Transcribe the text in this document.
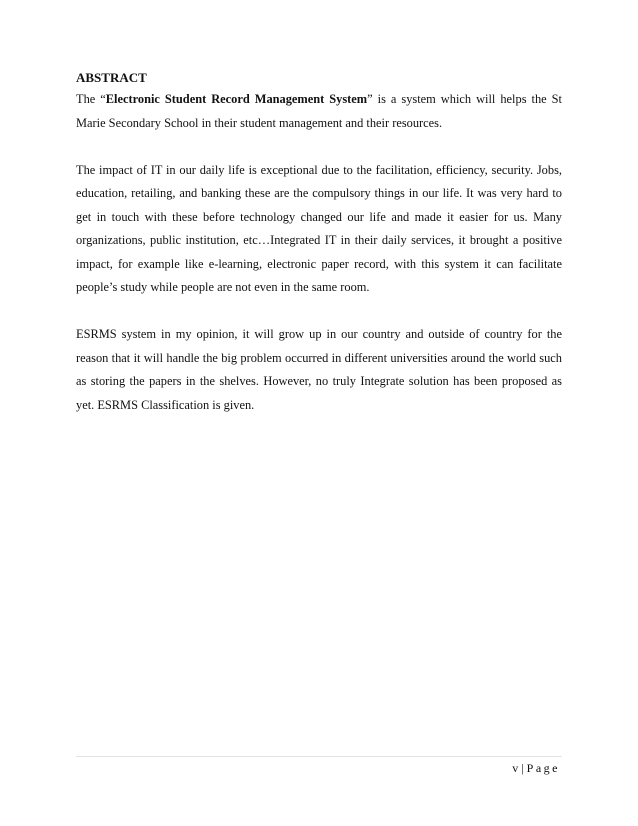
ABSTRACT

The “Electronic Student Record Management System” is a system which will helps the St Marie Secondary School in their student management and their resources.

The impact of IT in our daily life is exceptional due to the facilitation, efficiency, security. Jobs, education, retailing, and banking these are the compulsory things in our life. It was very hard to get in touch with these before technology changed our life and made it easier for us. Many organizations, public institution, etc…Integrated IT in their daily services, it brought a positive impact, for example like e-learning, electronic paper record, with this system it can facilitate people’s study while people are not even in the same room.

ESRMS system in my opinion, it will grow up in our country and outside of country for the reason that it will handle the big problem occurred in different universities around the world such as storing the papers in the shelves. However, no truly Integrate solution has been proposed as yet. ESRMS Classification is given.

v | Page
